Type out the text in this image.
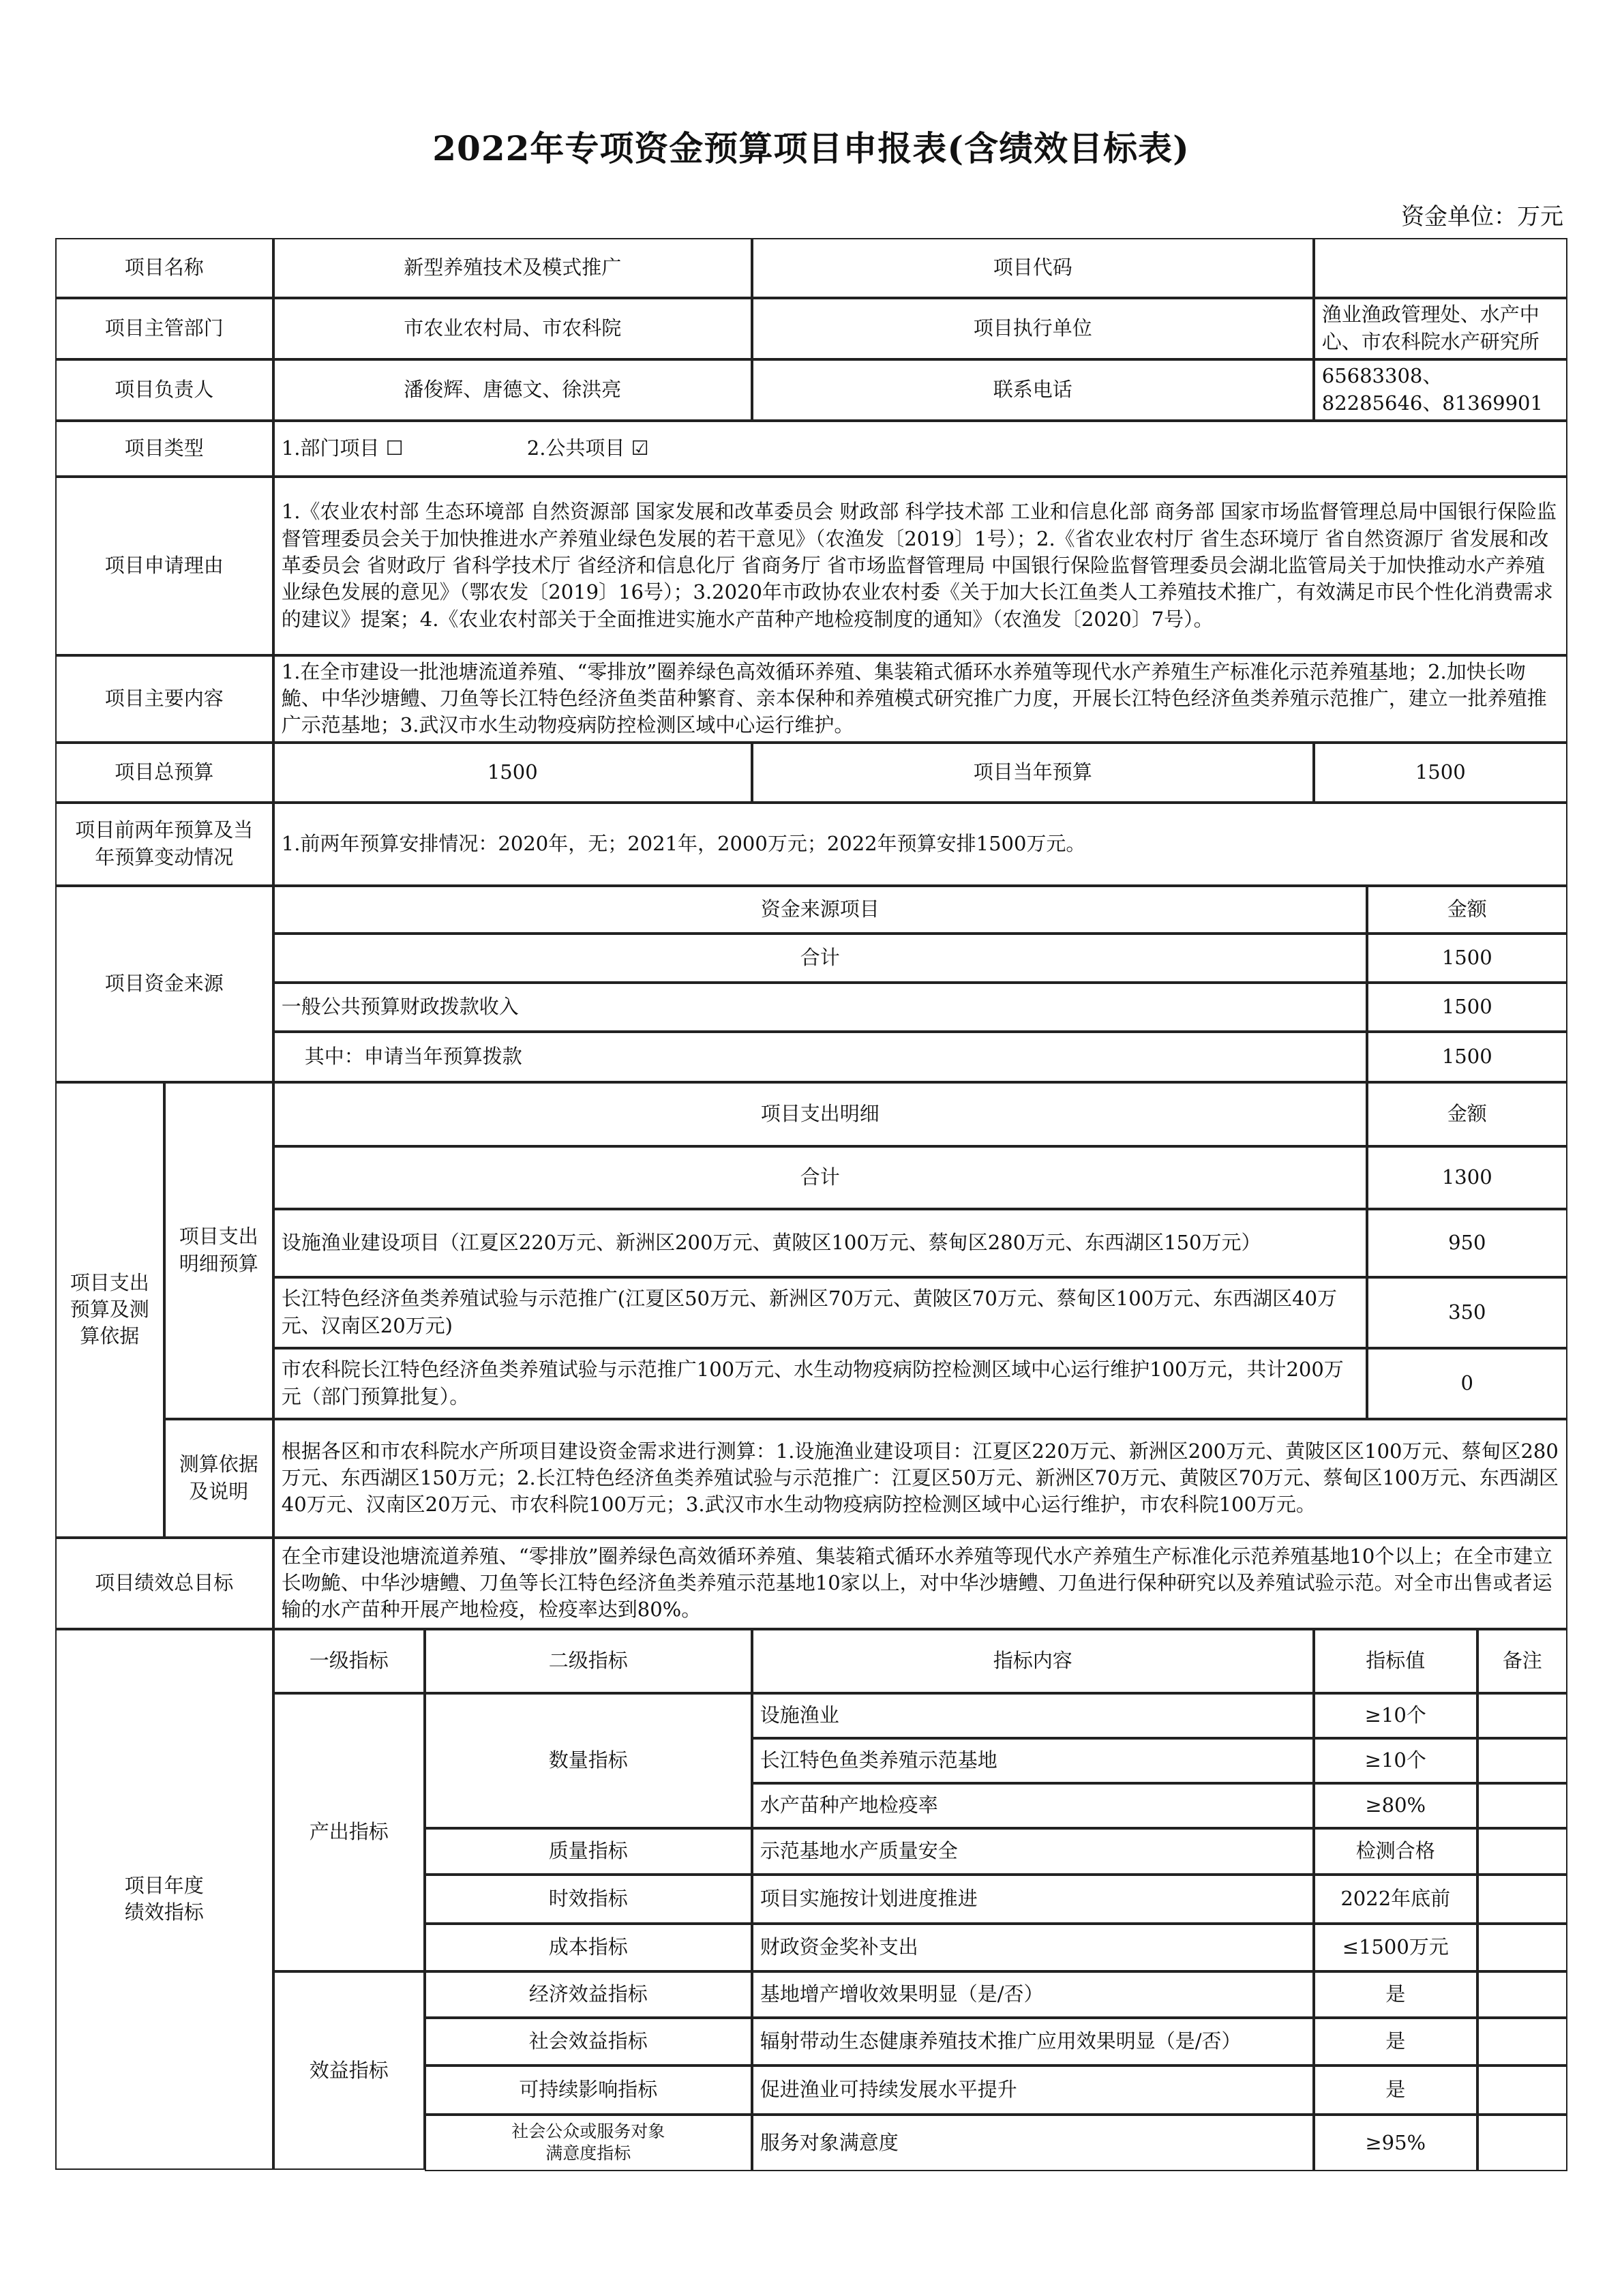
2022年专项资金预算项目申报表(含绩效目标表)
资金单位：万元
项目名称	新型养殖技术及模式推广	项目代码
项目主管部门	市农业农村局、市农科院	项目执行单位
渔业渔政管理处、水产中心、市农科院水产研究所
项目负责人	潘俊辉、唐德文、徐洪亮	联系电话
65683308、82285646、81369901
项目类型	1.部门项目 ☐	2.公共项目 ☑
项目申请理由
1.《农业农村部 生态环境部 自然资源部 国家发展和改革委员会 财政部 科学技术部 工业和信息化部 商务部 国家市场监督管理总局中国银行保险监督管理委员会关于加快推进水产养殖业绿色发展的若干意见》（农渔发〔2019〕1号）；2.《省农业农村厅 省生态环境厅 省自然资源厅 省发展和改革委员会 省财政厅 省科学技术厅 省经济和信息化厅 省商务厅 省市场监督管理局 中国银行保险监督管理委员会湖北监管局关于加快推动水产养殖业绿色发展的意见》（鄂农发〔2019〕16号）；3.2020年市政协农业农村委《关于加大长江鱼类人工养殖技术推广，有效满足市民个性化消费需求的建议》提案；4.《农业农村部关于全面推进实施水产苗种产地检疫制度的通知》（农渔发〔2020〕7号）。
项目主要内容
1.在全市建设一批池塘流道养殖、“零排放”圈养绿色高效循环养殖、集装箱式循环水养殖等现代水产养殖生产标准化示范养殖基地；2.加快长吻鮠、中华沙塘鳢、刀鱼等长江特色经济鱼类苗种繁育、亲本保种和养殖模式研究推广力度，开展长江特色经济鱼类养殖示范推广，建立一批养殖推广示范基地；3.武汉市水生动物疫病防控检测区域中心运行维护。
项目总预算	1500	项目当年预算	1500
项目前两年预算及当年预算变动情况
1.前两年预算安排情况：2020年，无；2021年，2000万元；2022年预算安排1500万元。
项目资金来源
资金来源项目	金额
合计	1500
一般公共预算财政拨款收入	1500
其中：申请当年预算拨款	1500
项目支出预算及测算依据
项目支出明细预算
项目支出明细	金额
合计	1300
设施渔业建设项目（江夏区220万元、新洲区200万元、黄陂区100万元、蔡甸区280万元、东西湖区150万元）	950
长江特色经济鱼类养殖试验与示范推广(江夏区50万元、新洲区70万元、黄陂区70万元、蔡甸区100万元、东西湖区40万元、汉南区20万元)
350
市农科院长江特色经济鱼类养殖试验与示范推广100万元、水生动物疫病防控检测区域中心运行维护100万元，共计200万元（部门预算批复）。
0
测算依据及说明
根据各区和市农科院水产所项目建设资金需求进行测算：1.设施渔业建设项目：江夏区220万元、新洲区200万元、黄陂区区100万元、蔡甸区280万元、东西湖区150万元；2.长江特色经济鱼类养殖试验与示范推广：江夏区50万元、新洲区70万元、黄陂区70万元、蔡甸区100万元、东西湖区40万元、汉南区20万元、市农科院100万元；3.武汉市水生动物疫病防控检测区域中心运行维护，市农科院100万元。
项目绩效总目标
在全市建设池塘流道养殖、“零排放”圈养绿色高效循环养殖、集装箱式循环水养殖等现代水产养殖生产标准化示范养殖基地10个以上；在全市建立长吻鮠、中华沙塘鳢、刀鱼等长江特色经济鱼类养殖示范基地10家以上，对中华沙塘鳢、刀鱼进行保种研究以及养殖试验示范。对全市出售或者运输的水产苗种开展产地检疫，检疫率达到80%。
项目年度绩效指标
一级指标	二级指标	指标内容	指标值	备注
产出指标
数量指标
设施渔业	≥10个
长江特色鱼类养殖示范基地	≥10个
水产苗种产地检疫率	≥80%
质量指标	示范基地水产质量安全	检测合格
时效指标	项目实施按计划进度推进	2022年底前
成本指标	财政资金奖补支出	≤1500万元
效益指标
经济效益指标	基地增产增收效果明显（是/否）	是
社会效益指标	辐射带动生态健康养殖技术推广应用效果明显（是/否）	是
可持续影响指标	促进渔业可持续发展水平提升	是
社会公众或服务对象满意度指标	服务对象满意度	≥95%
